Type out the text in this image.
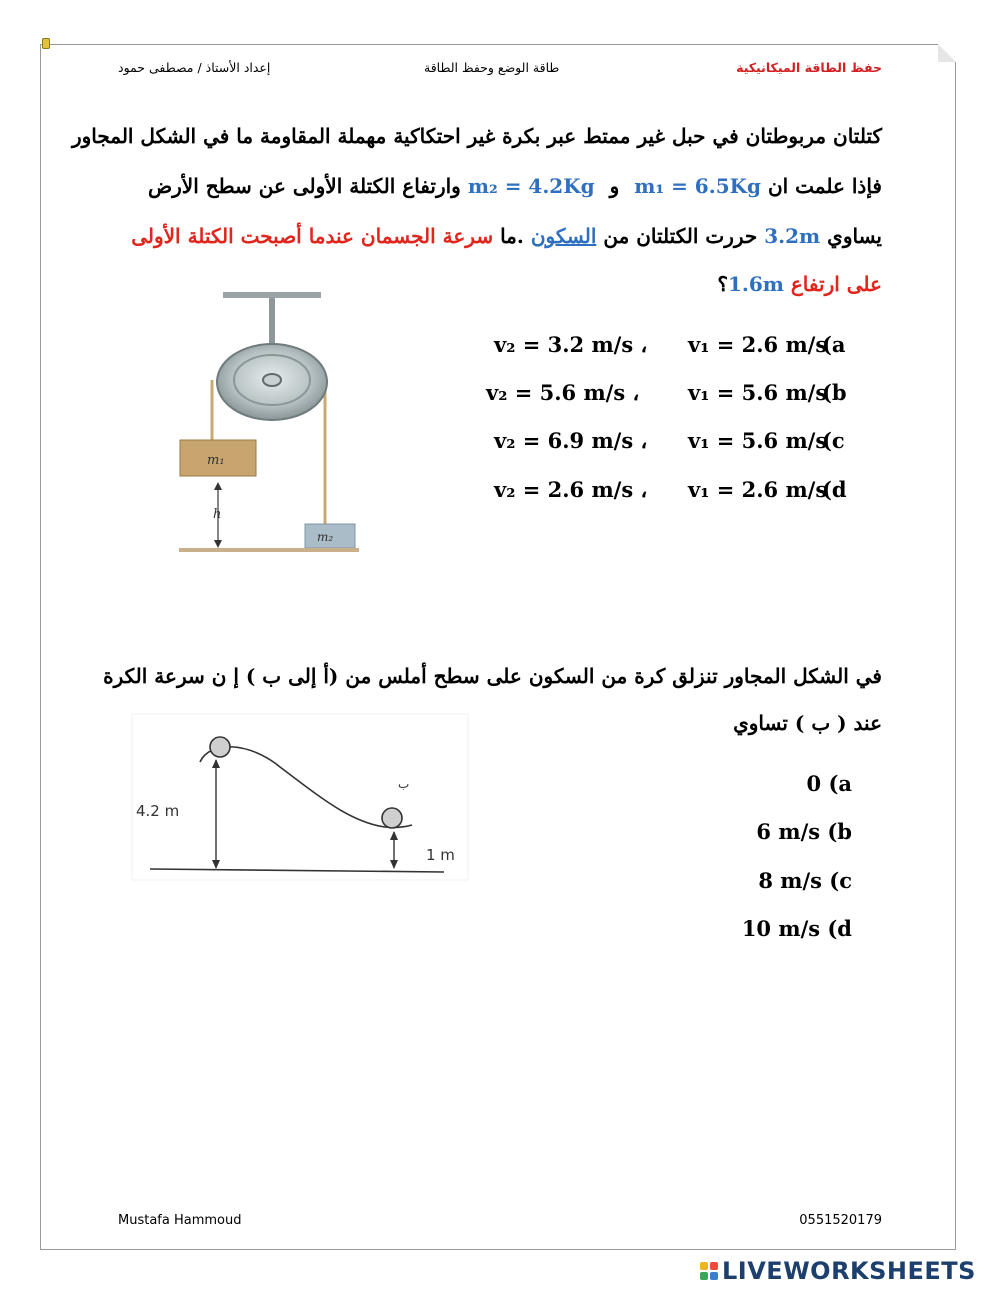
إعداد الأستاذ / مصطفى حمود	طاقة الوضع وحفظ الطاقة	حفظ الطاقة الميكانيكية
كتلتان مربوطتان في حبل غير ممتط عبر بكرة غير احتكاكية مهملة المقاومة ما في الشكل المجاور
فإذا علمت ان m₁ = 6.5Kg و m₂ = 4.2Kg وارتفاع الكتلة الأولى عن سطح الأرض
يساوي 3.2m حررت الكتلتان من السكون .ما سرعة الجسمان عندما أصبحت الكتلة الأولى
على ارتفاع 1.6m؟
v₂ = 3.2 m/s ، v₁ = 2.6 m/s
(a
v₂ = 5.6 m/s ، v₁ = 5.6 m/s
(b
v₂ = 6.9 m/s ، v₁ = 5.6 m/s
(c
v₂ = 2.6 m/s ، v₁ = 2.6 m/s
(d
m₁
h
m₂
في الشكل المجاور تنزلق كرة من السكون على سطح أملس من (أ إلى ب ) إ ن سرعة الكرة
عند ( ب ) تساوي
0 (a
6 m/s (b
8 m/s (c
10 m/s (d
ب
4.2 m
1 m
Mustafa Hammoud	0551520179
LIVEWORKSHEETS
